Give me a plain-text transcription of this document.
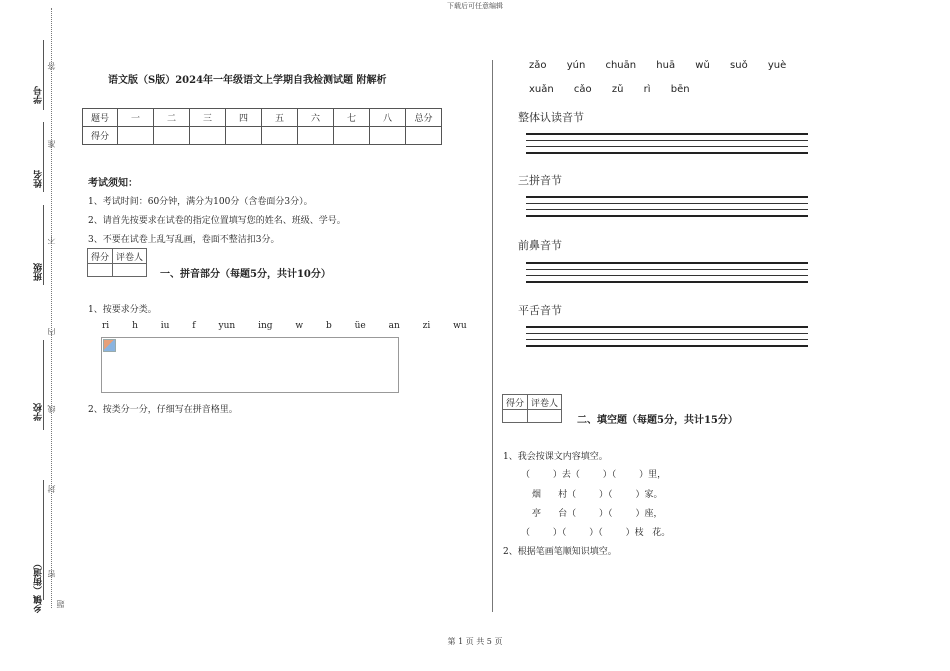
下载后可任意编辑
学号
姓名
班级
学校
乡镇（街道）
答
准
不
内
线
封
密
题
语文版（S版）2024年一年级语文上学期自我检测试题 附解析
题号	一	二	三	四	五	六	七	八	总分
得分									
考试须知：
1、考试时间：60分钟，满分为100分（含卷面分3分）。
2、请首先按要求在试卷的指定位置填写您的姓名、班级、学号。
3、不要在试卷上乱写乱画，卷面不整洁扣3分。
得分	评卷人

一、拼音部分（每题5分，共计10分）
1、按要求分类。
ri	h	iu	f	yun	ing	w	b	üe	an	zi	wu
2、按类分一分，仔细写在拼音格里。
zǎo yún chuān huā wǔ suǒ yuè
xuǎn cǎo zǔ rì bēn
整体认读音节
三拼音节
前鼻音节
平舌音节
得分	评卷人

二、填空题（每题5分，共计15分）
1、我会按课文内容填空。
（        ）去（        ）（        ）里，
烟      村（        ）（        ）家。
亭      台（        ）（        ）座，
（        ）（        ）（        ）枝   花。
2、根据笔画笔顺知识填空。
第 1 页 共 5 页
